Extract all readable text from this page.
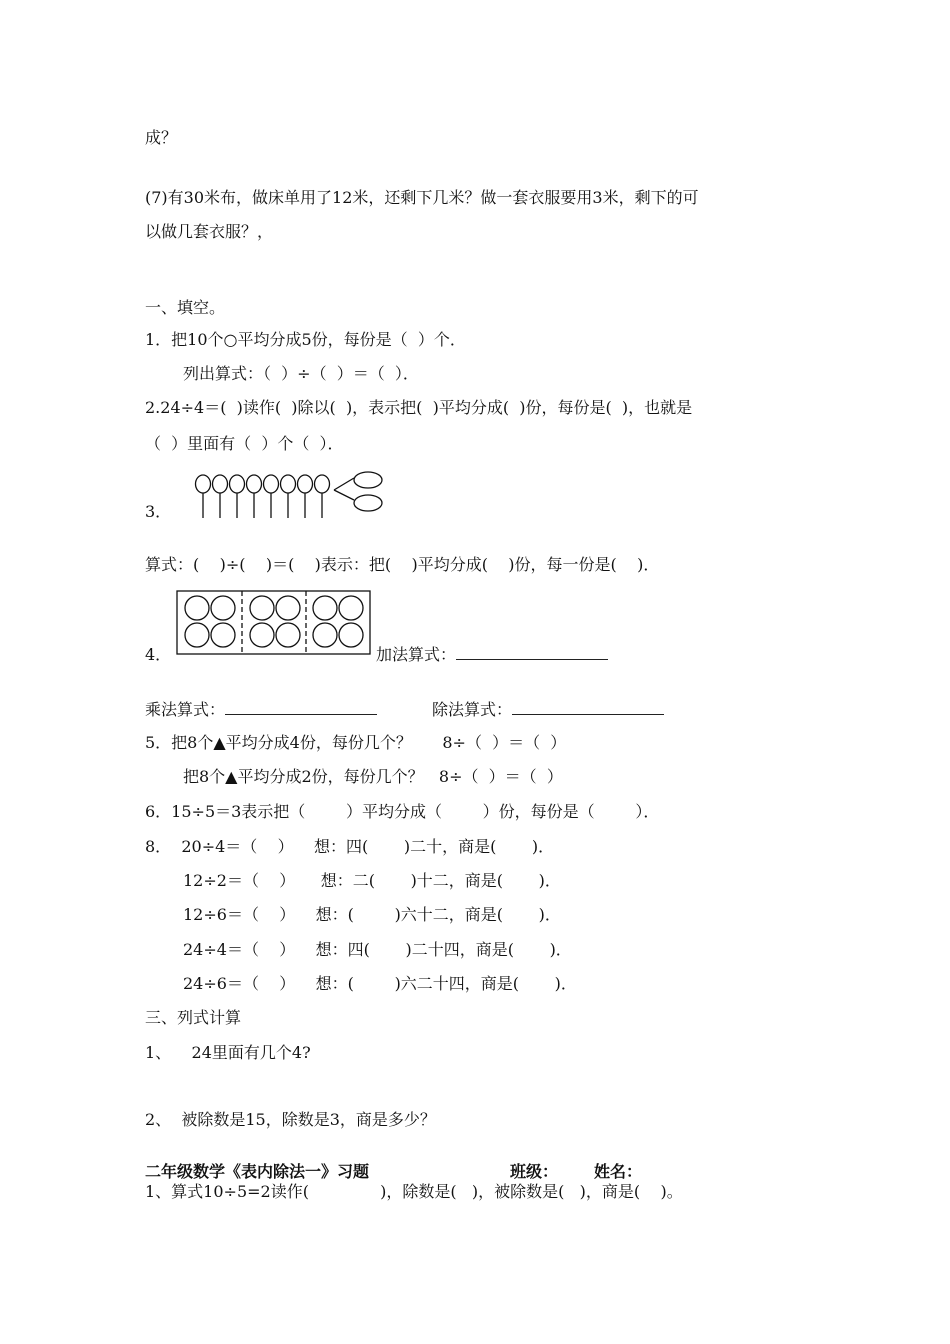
成？
(7)有30米布，做床单用了12米，还剩下几米？做一套衣服要用3米，剩下的可
以做几套衣服？，
一、填空。
1．把10个○平均分成5份，每份是（  ）个．
列出算式：（  ）÷（  ）＝（  ）．
2.24÷4＝(  )读作(  )除以(  )，表示把(  )平均分成(  )份，每份是(  )，也就是
（  ）里面有（  ）个（  ）．
3．
算式：(    )÷(    )＝(    )表示：把(    )平均分成(    )份，每一份是(    )．
4．	加法算式：
乘法算式：	除法算式：
5．把8个▲平均分成4份，每份几个？      8÷（  ）＝（  ）
把8个▲平均分成2份，每份几个？   8÷（  ）＝（  ）
6．15÷5＝3表示把（        ）平均分成（        ）份，每份是（        ）．
8．  20÷4＝（    ）    想：四(       )二十，商是(       )．
12÷2＝（    ）     想：二(       )十二，商是(       )．
12÷6＝（    ）    想：(        )六十二，商是(       )．
24÷4＝（    ）    想：四(       )二十四，商是(       )．
24÷6＝（    ）    想：(        )六二十四，商是(       )．
三、列式计算
1、    24里面有几个4?
2、  被除数是15，除数是3，商是多少？
二年级数学《表内除法一》习题	班级： 姓名：
1、算式10÷5=2读作(              )，除数是(   )，被除数是(   )，商是(    )。
